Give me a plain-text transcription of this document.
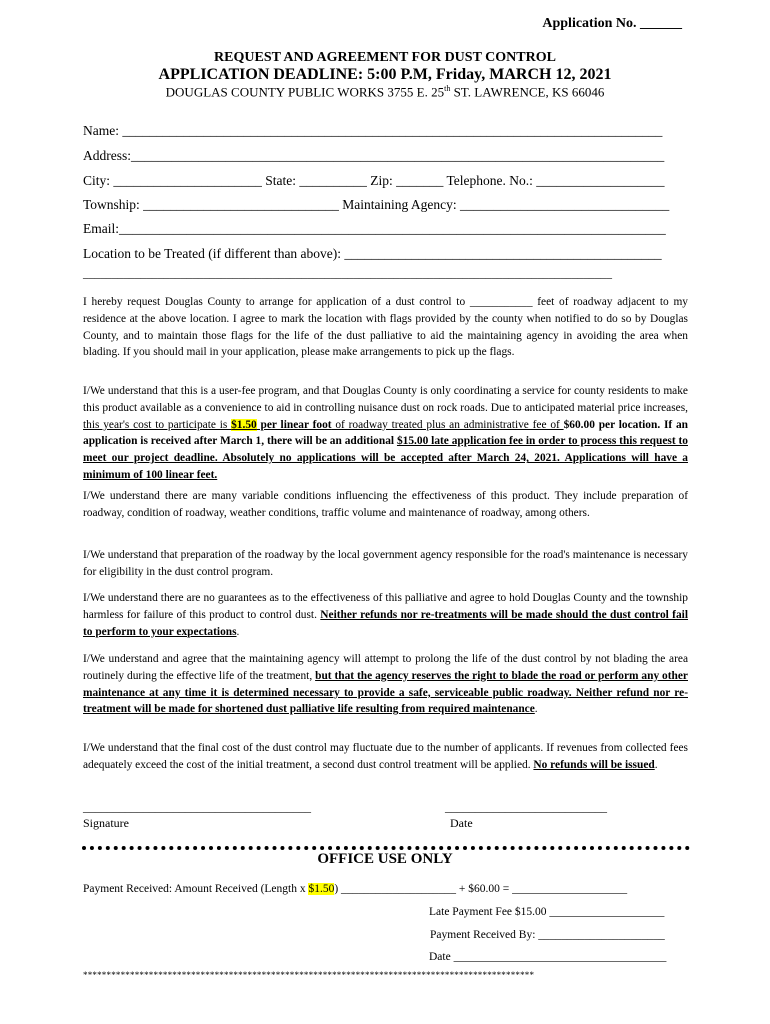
Application No. ______
REQUEST AND AGREEMENT FOR DUST CONTROL
APPLICATION DEADLINE: 5:00 P.M, Friday, MARCH 12, 2021
DOUGLAS COUNTY PUBLIC WORKS 3755 E. 25th ST. LAWRENCE, KS 66046
Name: ________________________________________________________________________________
Address:_______________________________________________________________________________
City: ______________________ State: __________ Zip: _______ Telephone. No.: ___________________
Township: _____________________________ Maintaining Agency: _______________________________
Email:_________________________________________________________________________________
Location to be Treated (if different than above): _______________________________________________
____________________________________________________________________________________________
I hereby request Douglas County to arrange for application of a dust control to ___________ feet of roadway adjacent to my residence at the above location. I agree to mark the location with flags provided by the county when notified to do so by Douglas County, and to maintain those flags for the life of the dust palliative to aid the maintaining agency in avoiding the area when blading. If you should mail in your application, please make arrangements to pick up the flags.
I/We understand that this is a user-fee program, and that Douglas County is only coordinating a service for county residents to make this product available as a convenience to aid in controlling nuisance dust on rock roads. Due to anticipated material price increases, this year's cost to participate is $1.50 per linear foot of roadway treated plus an administrative fee of $60.00 per location. If an application is received after March 1, there will be an additional $15.00 late application fee in order to process this request to meet our project deadline. Absolutely no applications will be accepted after March 24, 2021. Applications will have a minimum of 100 linear feet.
I/We understand there are many variable conditions influencing the effectiveness of this product. They include preparation of roadway, condition of roadway, weather conditions, traffic volume and maintenance of roadway, among others.
I/We understand that preparation of the roadway by the local government agency responsible for the road's maintenance is necessary for eligibility in the dust control program.
I/We understand there are no guarantees as to the effectiveness of this palliative and agree to hold Douglas County and the township harmless for failure of this product to control dust. Neither refunds nor re-treatments will be made should the dust control fail to perform to your expectations.
I/We understand and agree that the maintaining agency will attempt to prolong the life of the dust control by not blading the area routinely during the effective life of the treatment, but that the agency reserves the right to blade the road or perform any other maintenance at any time it is determined necessary to provide a safe, serviceable public roadway. Neither refund nor re-treatment will be made for shortened dust palliative life resulting from required maintenance.
I/We understand that the final cost of the dust control may fluctuate due to the number of applicants. If revenues from collected fees adequately exceed the cost of the initial treatment, a second dust control treatment will be applied. No refunds will be issued.
______________________________________
Signature
___________________________
Date
OFFICE USE ONLY
Payment Received: Amount Received (Length x $1.50) ____________________ + $60.00 = ____________________
Late Payment Fee $15.00 ____________________
Payment Received By: ______________________
Date _____________________________________
************************************************************************************************
